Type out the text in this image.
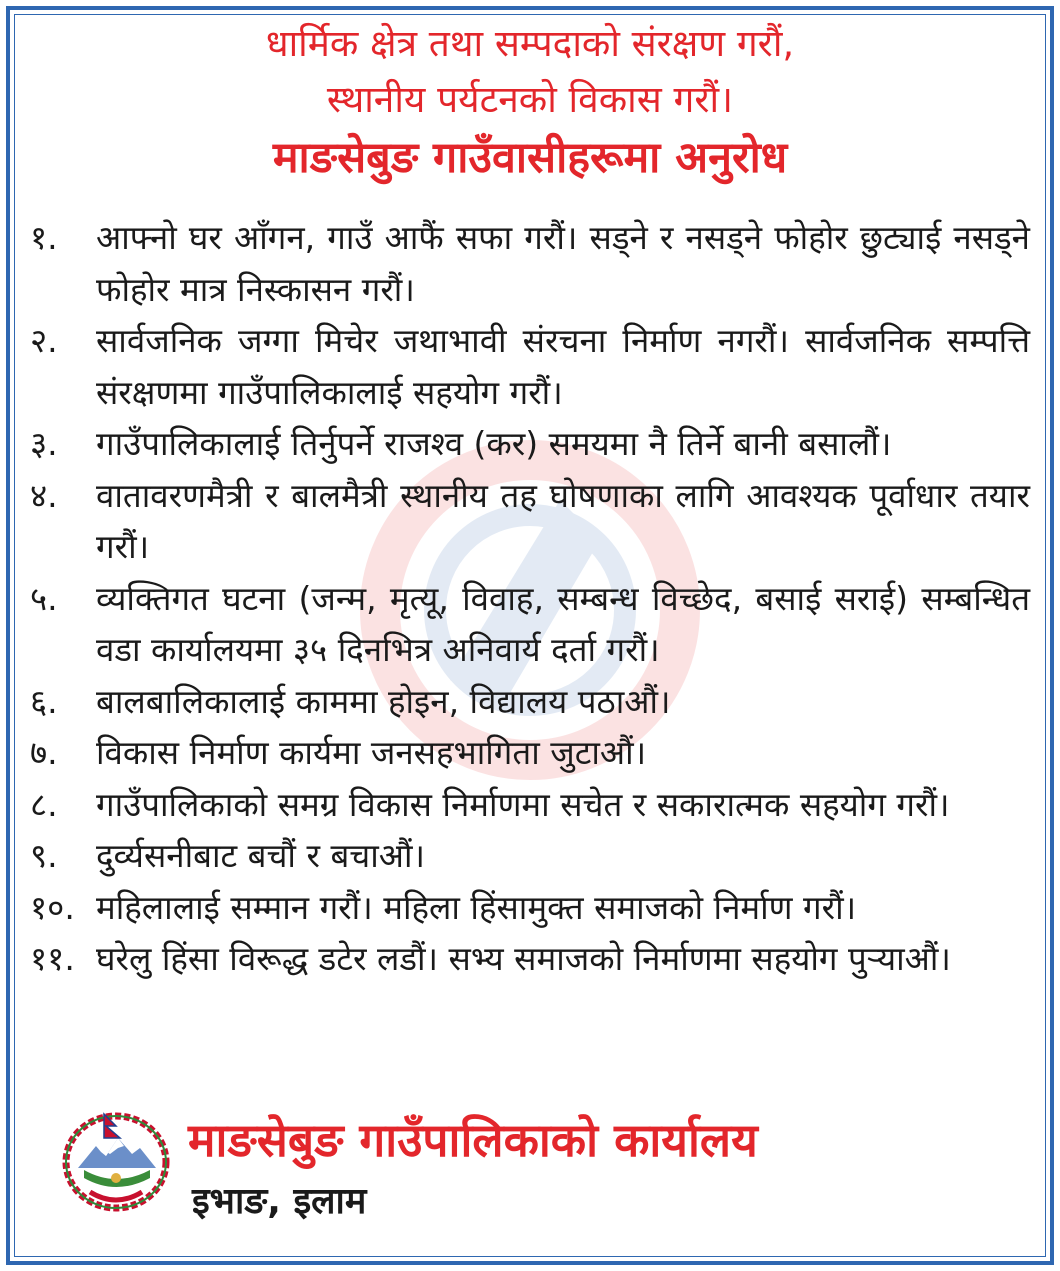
धार्मिक क्षेत्र तथा सम्पदाको संरक्षण गरौं,
स्थानीय पर्यटनको विकास गरौं।
माङसेबुङ गाउँवासीहरूमा अनुरोध
१.	आफ्नो घर आँगन, गाउँ आफैं सफा गरौं। सड्ने र नसड्ने फोहोर छुट्याई नसड्ने फोहोर मात्र निस्कासन गरौं।
२.	सार्वजनिक जग्गा मिचेर जथाभावी संरचना निर्माण नगरौं। सार्वजनिक सम्पत्ति संरक्षणमा गाउँपालिकालाई सहयोग गरौं।
३.	गाउँपालिकालाई तिर्नुपर्ने राजश्व (कर) समयमा नै तिर्ने बानी बसालौं।
४.	वातावरणमैत्री र बालमैत्री स्थानीय तह घोषणाका लागि आवश्यक पूर्वाधार तयार गरौं।
५.	व्यक्तिगत घटना (जन्म, मृत्यू, विवाह, सम्बन्ध विच्छेद, बसाई सराई) सम्बन्धित वडा कार्यालयमा ३५ दिनभित्र अनिवार्य दर्ता गरौं।
६.	बालबालिकालाई काममा होइन, विद्यालय पठाऔं।
७.	विकास निर्माण कार्यमा जनसहभागिता जुटाऔं।
८.	गाउँपालिकाको समग्र विकास निर्माणमा सचेत र सकारात्मक सहयोग गरौं।
९.	दुर्व्यसनीबाट बचौं र बचाऔं।
१०. महिलालाई सम्मान गरौं। महिला हिंसामुक्त समाजको निर्माण गरौं।
११. घरेलु हिंसा विरूद्ध डटेर लडौं। सभ्य समाजको निर्माणमा सहयोग पुऱ्याऔं।
माङसेबुङ गाउँपालिकाको कार्यालय
इभाङ, इलाम
